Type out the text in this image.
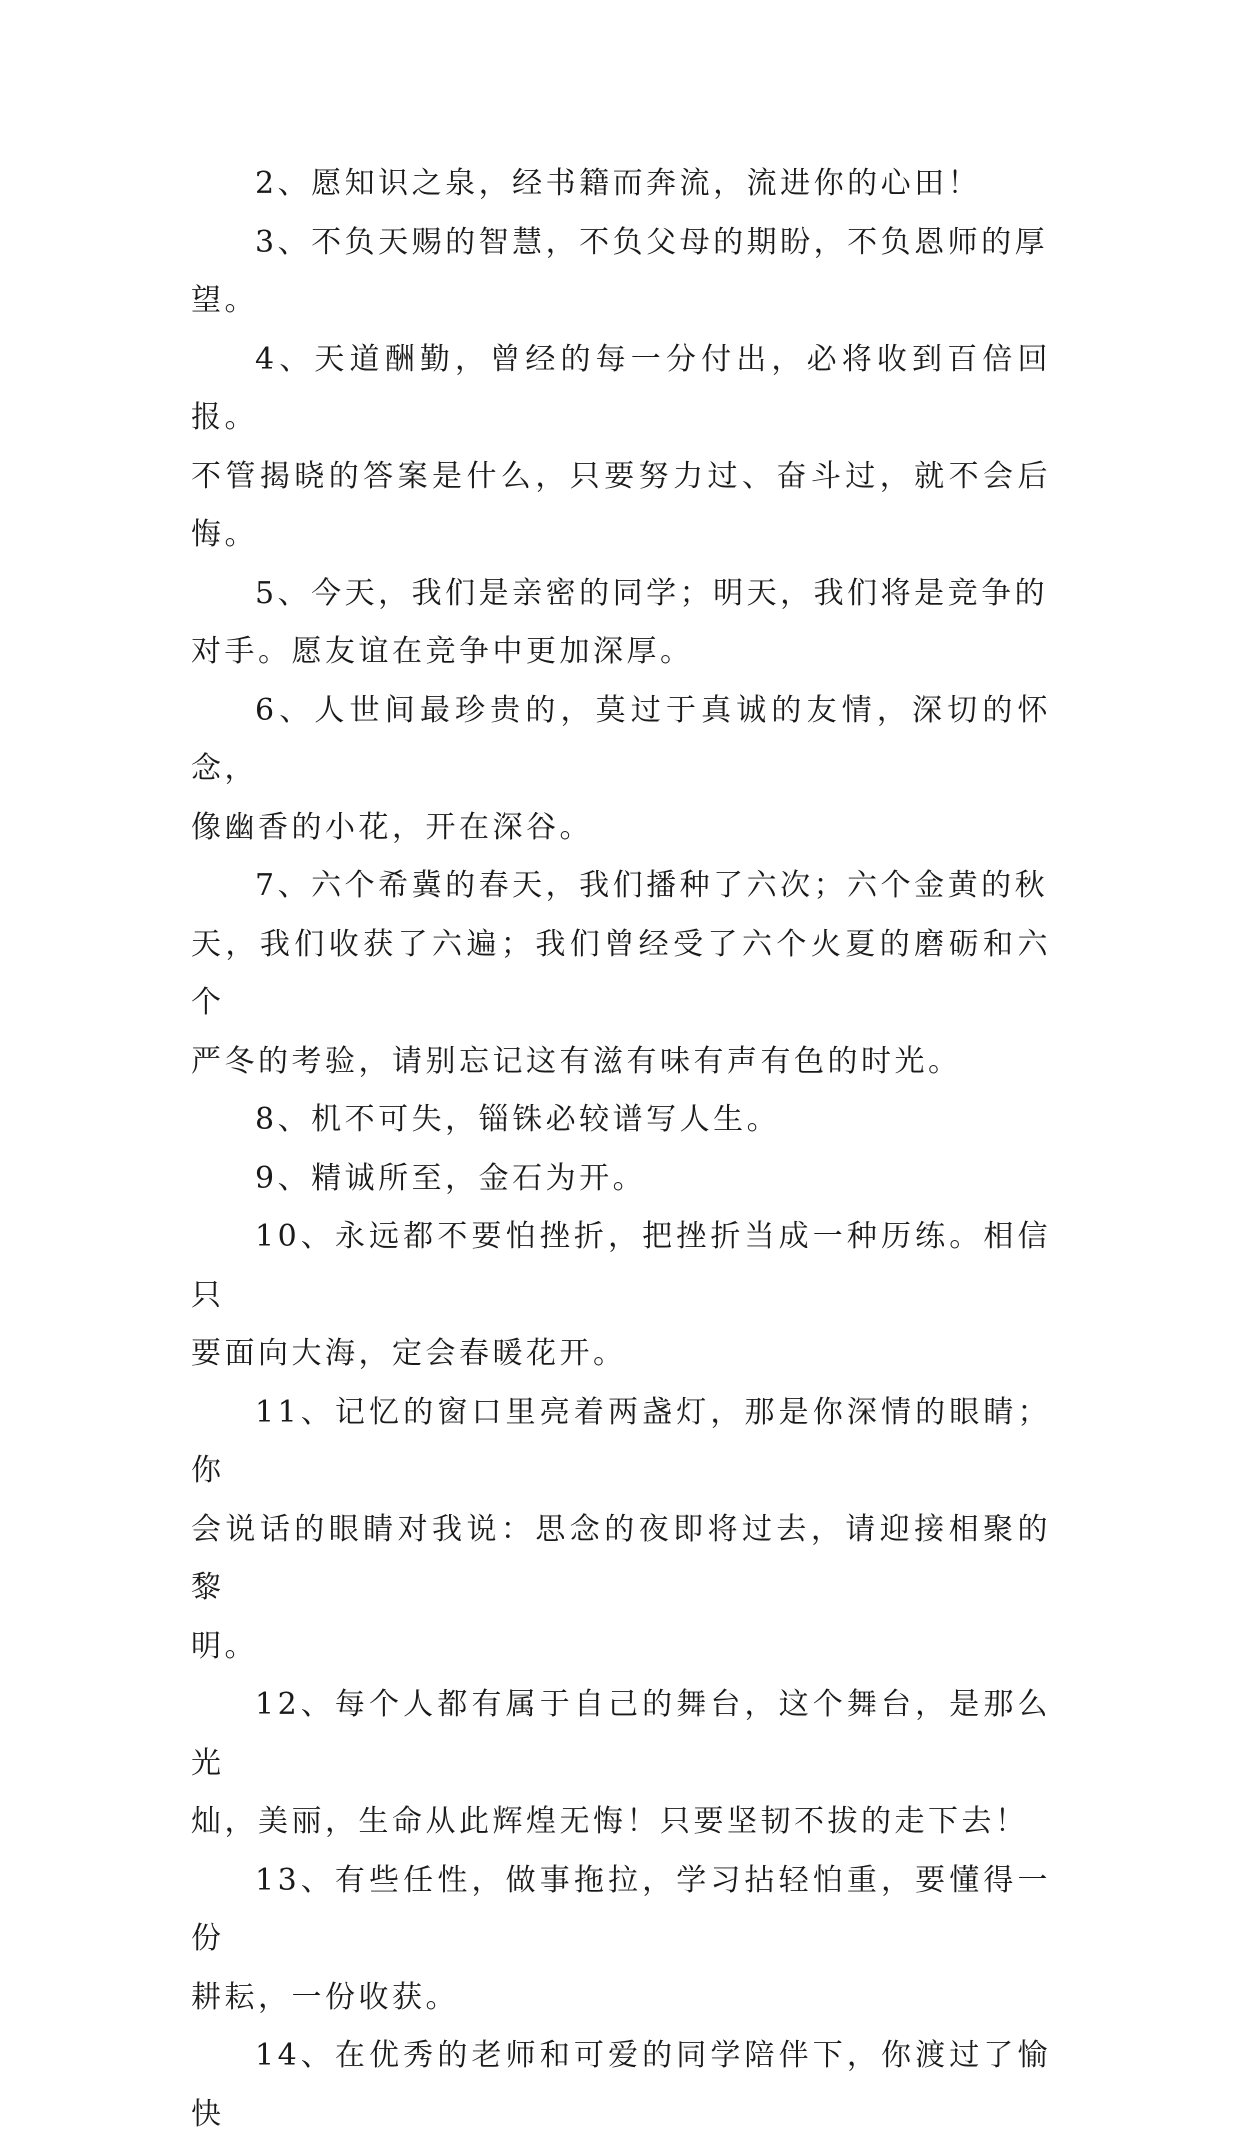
2、愿知识之泉，经书籍而奔流，流进你的心田！

3、不负天赐的智慧，不负父母的期盼，不负恩师的厚
望。

4、天道酬勤，曾经的每一分付出，必将收到百倍回报。
不管揭晓的答案是什么，只要努力过、奋斗过，就不会后悔。

5、今天，我们是亲密的同学；明天，我们将是竞争的
对手。愿友谊在竞争中更加深厚。

6、人世间最珍贵的，莫过于真诚的友情，深切的怀念，
像幽香的小花，开在深谷。

7、六个希冀的春天，我们播种了六次；六个金黄的秋
天，我们收获了六遍；我们曾经受了六个火夏的磨砺和六个
严冬的考验，请别忘记这有滋有味有声有色的时光。

8、机不可失，锱铢必较谱写人生。

9、精诚所至，金石为开。

10、永远都不要怕挫折，把挫折当成一种历练。相信只
要面向大海，定会春暖花开。

11、记忆的窗口里亮着两盏灯，那是你深情的眼睛；你
会说话的眼睛对我说：思念的夜即将过去，请迎接相聚的黎
明。

12、每个人都有属于自己的舞台，这个舞台，是那么光
灿，美丽，生命从此辉煌无悔！只要坚韧不拔的走下去！

13、有些任性，做事拖拉，学习拈轻怕重，要懂得一份
耕耘，一份收获。

14、在优秀的老师和可爱的同学陪伴下，你渡过了愉快
